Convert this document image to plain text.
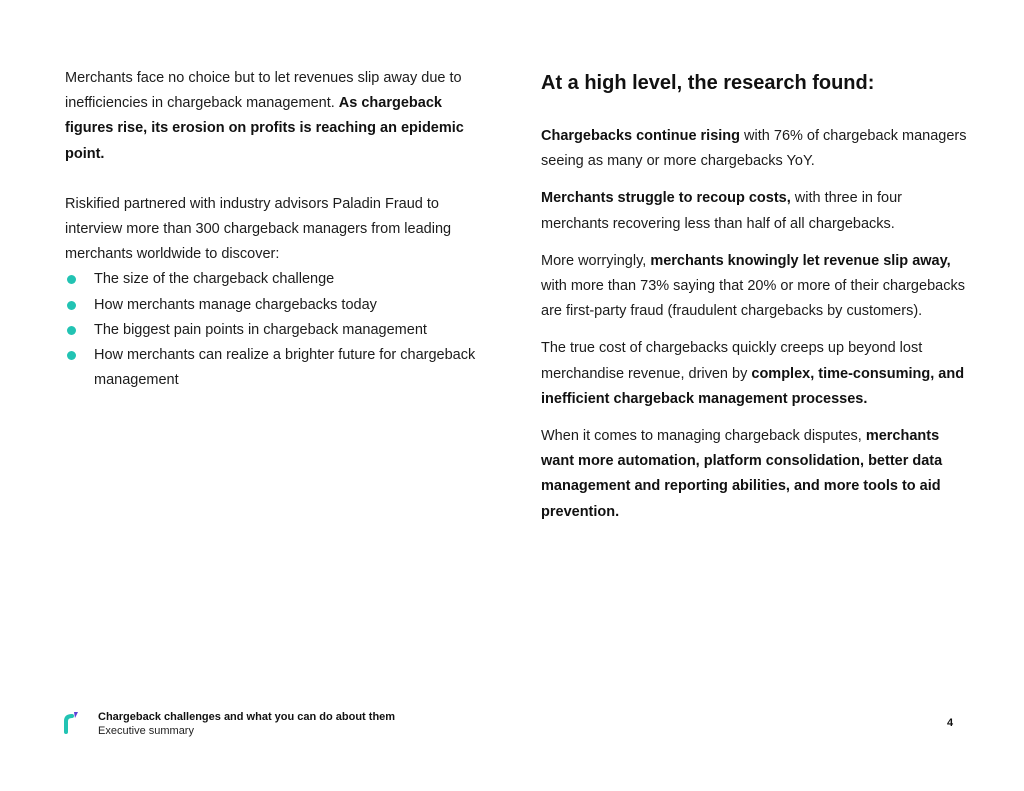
Merchants face no choice but to let revenues slip away due to inefficiencies in chargeback management. As chargeback figures rise, its erosion on profits is reaching an epidemic point.

Riskified partnered with industry advisors Paladin Fraud to interview more than 300 chargeback managers from leading merchants worldwide to discover:

The size of the chargeback challenge
How merchants manage chargebacks today
The biggest pain points in chargeback management
How merchants can realize a brighter future for chargeback management
At a high level, the research found:

Chargebacks continue rising with 76% of chargeback managers seeing as many or more chargebacks YoY.

Merchants struggle to recoup costs, with three in four merchants recovering less than half of all chargebacks.

More worryingly, merchants knowingly let revenue slip away, with more than 73% saying that 20% or more of their chargebacks are first-party fraud (fraudulent chargebacks by customers).

The true cost of chargebacks quickly creeps up beyond lost merchandise revenue, driven by complex, time-consuming, and inefficient chargeback management processes.

When it comes to managing chargeback disputes, merchants want more automation, platform consolidation, better data management and reporting abilities, and more tools to aid prevention.

Chargeback challenges and what you can do about them
Executive summary
4
